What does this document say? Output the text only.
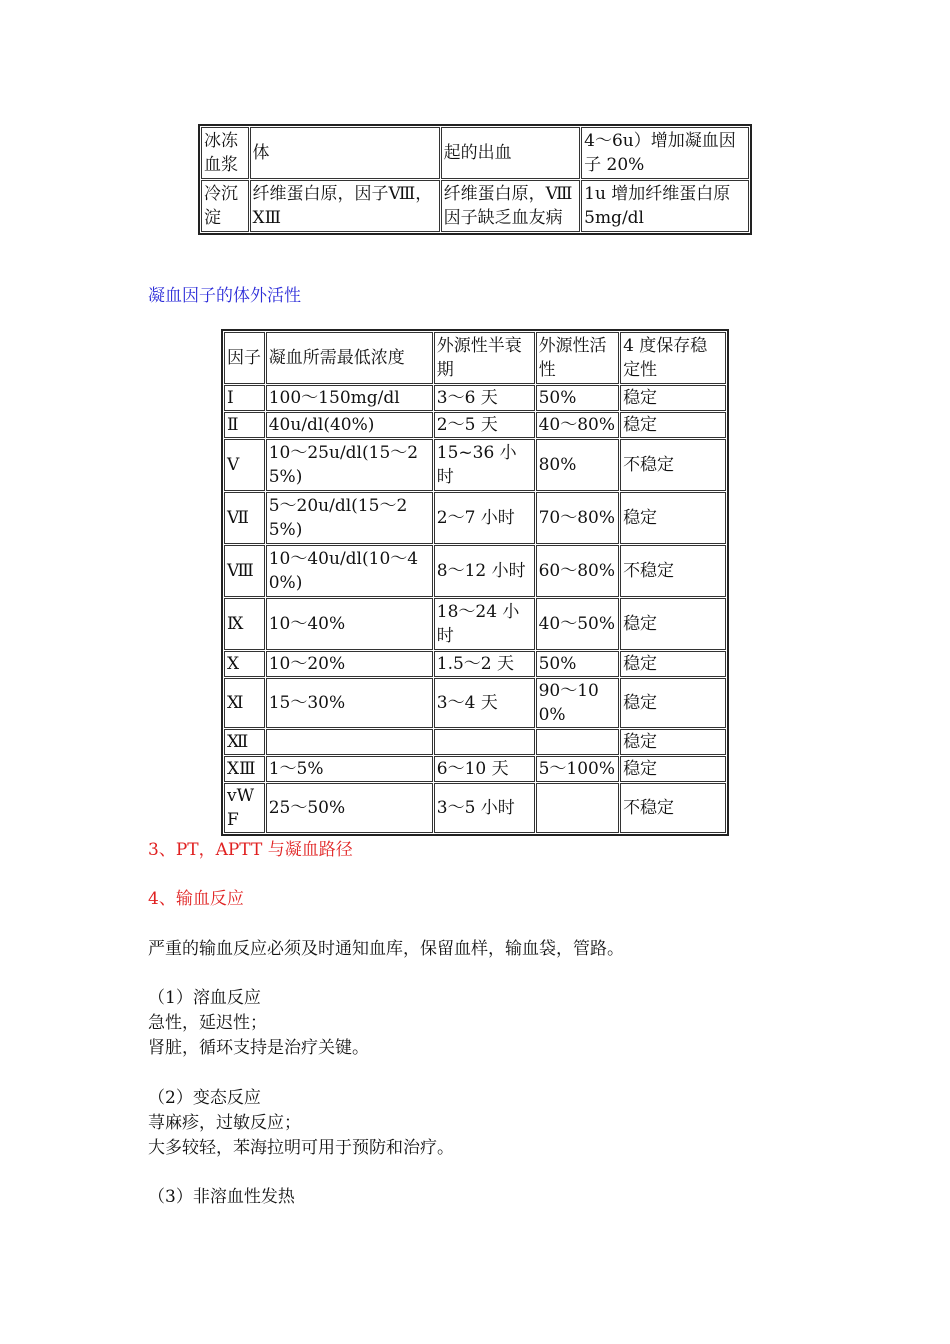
冰冻血浆	体	起的出血	4～6u）增加凝血因子 20%
冷沉淀	纤维蛋白原，因子Ⅷ，ⅩⅢ	纤维蛋白原，Ⅷ因子缺乏血友病	1u 增加纤维蛋白原 5mg/dl
凝血因子的体外活性
因子	凝血所需最低浓度	外源性半衰期	外源性活性	4 度保存稳定性
Ⅰ	100～150mg/dl	3～6 天	50%	稳定
Ⅱ	40u/dl(40%)	2～5 天	40～80%	稳定
Ⅴ	10～25u/dl(15～25%)	15~36 小时	80%	不稳定
Ⅶ	5～20u/dl(15～25%)	2～7 小时	70～80%	稳定
Ⅷ	10～40u/dl(10～40%)	8～12 小时	60～80%	不稳定
Ⅸ	10～40%	18～24 小时	40～50%	稳定
Ⅹ	10～20%	1.5～2 天	50%	稳定
Ⅺ	15～30%	3～4 天	90～100%	稳定
Ⅻ				稳定
ⅩⅢ	1～5%	6～10 天	5～100%	稳定
vWF	25～50%	3～5 小时		不稳定
3、PT，APTT 与凝血路径
4、输血反应
严重的输血反应必须及时通知血库，保留血样，输血袋，管路。
（1）溶血反应
急性，延迟性；
肾脏，循环支持是治疗关键。
（2）变态反应
荨麻疹，过敏反应；
大多较轻，苯海拉明可用于预防和治疗。
（3）非溶血性发热
